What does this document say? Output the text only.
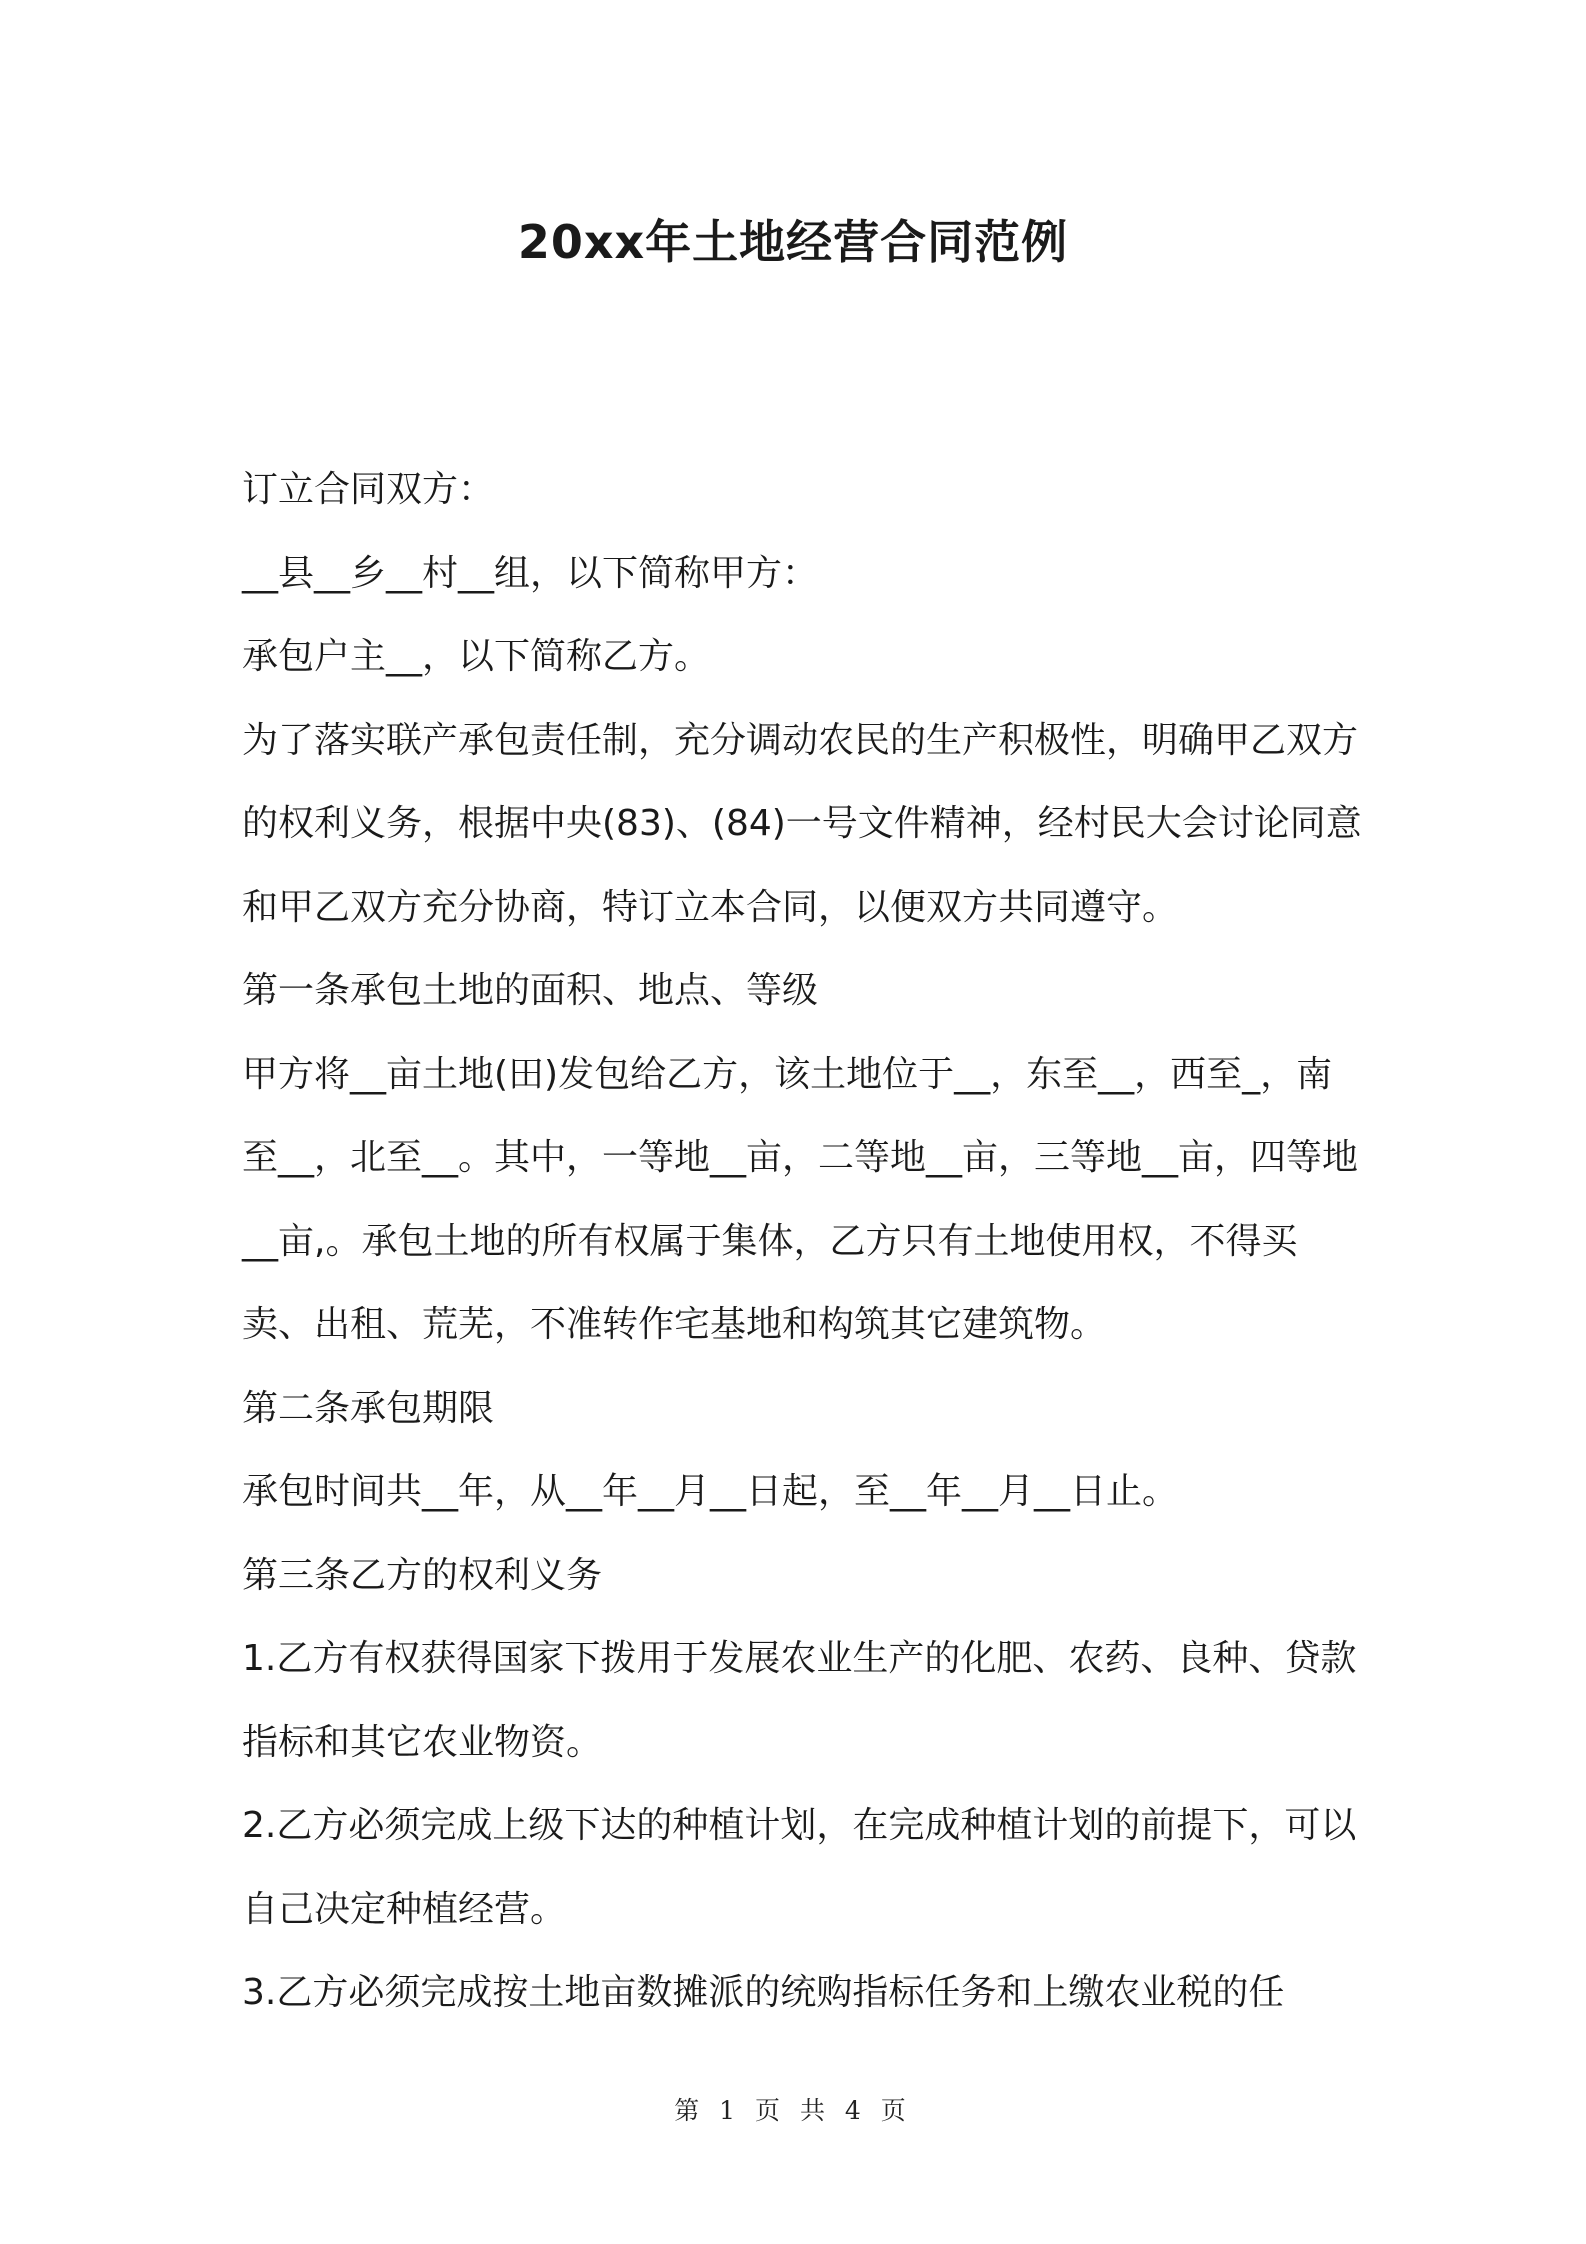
20xx年土地经营合同范例

订立合同双方：

__县__乡__村__组，以下简称甲方：

承包户主__，以下简称乙方。

为了落实联产承包责任制，充分调动农民的生产积极性，明确甲乙双方的权利义务，根据中央(83)、(84)一号文件精神，经村民大会讨论同意和甲乙双方充分协商，特订立本合同，以便双方共同遵守。

第一条承包土地的面积、地点、等级

甲方将__亩土地(田)发包给乙方，该土地位于__，东至__，西至_，南至__，北至__。其中，一等地__亩，二等地__亩，三等地__亩，四等地__亩,。承包土地的所有权属于集体，乙方只有土地使用权，不得买卖、出租、荒芜，不准转作宅基地和构筑其它建筑物。

第二条承包期限

承包时间共__年，从__年__月__日起，至__年__月__日止。

第三条乙方的权利义务

1.乙方有权获得国家下拨用于发展农业生产的化肥、农药、良种、贷款指标和其它农业物资。

2.乙方必须完成上级下达的种植计划，在完成种植计划的前提下，可以自己决定种植经营。

3.乙方必须完成按土地亩数摊派的统购指标任务和上缴农业税的任

第 1 页 共 4 页
